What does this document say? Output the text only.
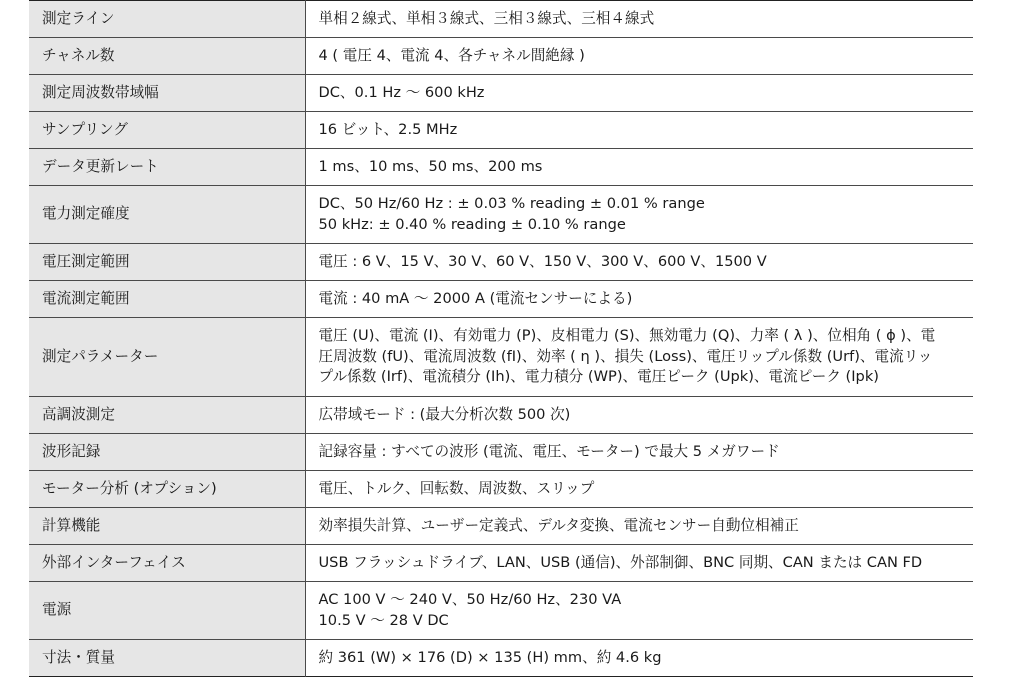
測定ライン	単相２線式、単相３線式、三相３線式、三相４線式

チャネル数	4 ( 電圧 4、電流 4、各チャネル間絶縁 )

測定周波数帯域幅	DC、0.1 Hz ～ 600 kHz

サンプリング	16 ビット、2.5 MHz

データ更新レート	1 ms、10 ms、50 ms、200 ms

電力測定確度	DC、50 Hz/60 Hz : ± 0.03 % reading ± 0.01 % range
50 kHz: ± 0.40 % reading ± 0.10 % range

電圧測定範囲	電圧 : 6 V、15 V、30 V、60 V、150 V、300 V、600 V、1500 V

電流測定範囲	電流 : 40 mA ～ 2000 A (電流センサーによる)

測定パラメーター	電圧 (U)、電流 (I)、有効電力 (P)、皮相電力 (S)、無効電力 (Q)、力率 ( λ )、位相角 ( ϕ )、電
圧周波数 (fU)、電流周波数 (fI)、効率 ( η )、損失 (Loss)、電圧リップル係数 (Urf)、電流リッ
プル係数 (Irf)、電流積分 (Ih)、電力積分 (WP)、電圧ピーク (Upk)、電流ピーク (Ipk)

高調波測定	広帯域モード : (最大分析次数 500 次)

波形記録	記録容量 : すべての波形 (電流、電圧、モーター) で最大 5 メガワード

モーター分析 (オプション)	電圧、トルク、回転数、周波数、スリップ

計算機能	効率損失計算、ユーザー定義式、デルタ変換、電流センサー自動位相補正

外部インターフェイス	USB フラッシュドライブ、LAN、USB (通信)、外部制御、BNC 同期、CAN または CAN FD

電源	AC 100 V ～ 240 V、50 Hz/60 Hz、230 VA
10.5 V ～ 28 V DC

寸法・質量	約 361 (W) × 176 (D) × 135 (H) mm、約 4.6 kg
